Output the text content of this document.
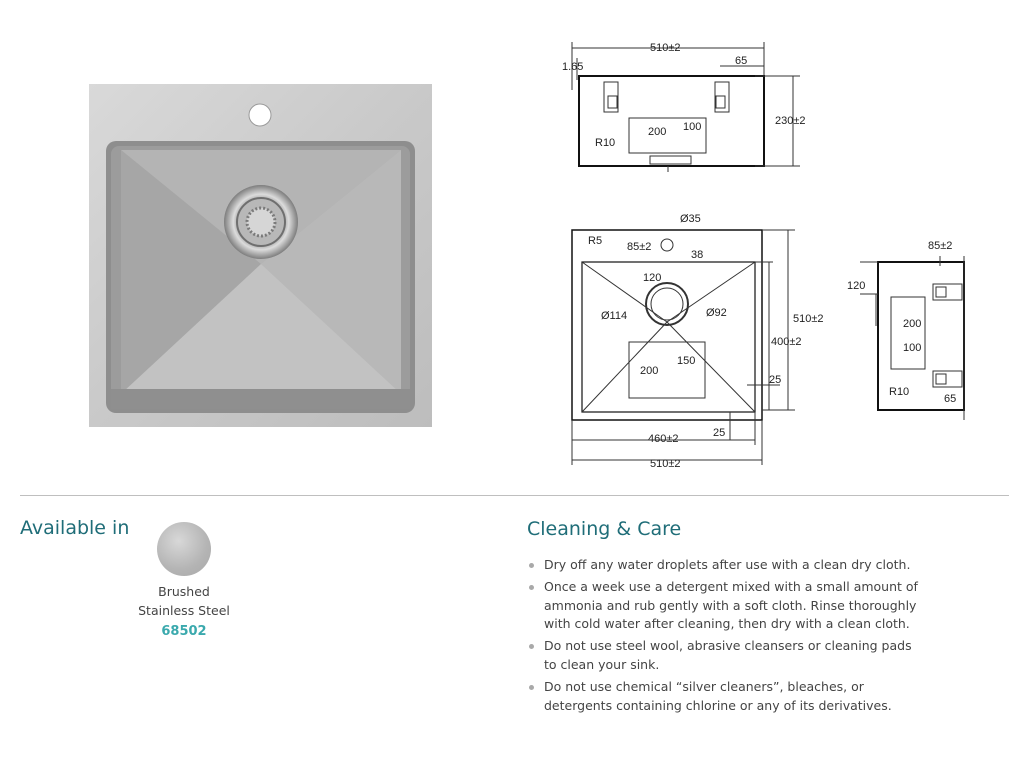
510±2
1.65	65
230±2
R10
200 100
Ø35
R5 85±2
38
120
Ø114	Ø92
200
150
510±2
400±2
25
25
460±2
510±2
85±2
120
200
100
R10
65
Available in
Brushed
Stainless Steel
68502
Cleaning & Care
Dry off any water droplets after use with a clean dry cloth.
Once a week use a detergent mixed with a small amount of ammonia and rub gently with a soft cloth. Rinse thoroughly with cold water after cleaning, then dry with a clean cloth.
Do not use steel wool, abrasive cleansers or cleaning pads to clean your sink.
Do not use chemical “silver cleaners”, bleaches, or detergents containing chlorine or any of its derivatives.
